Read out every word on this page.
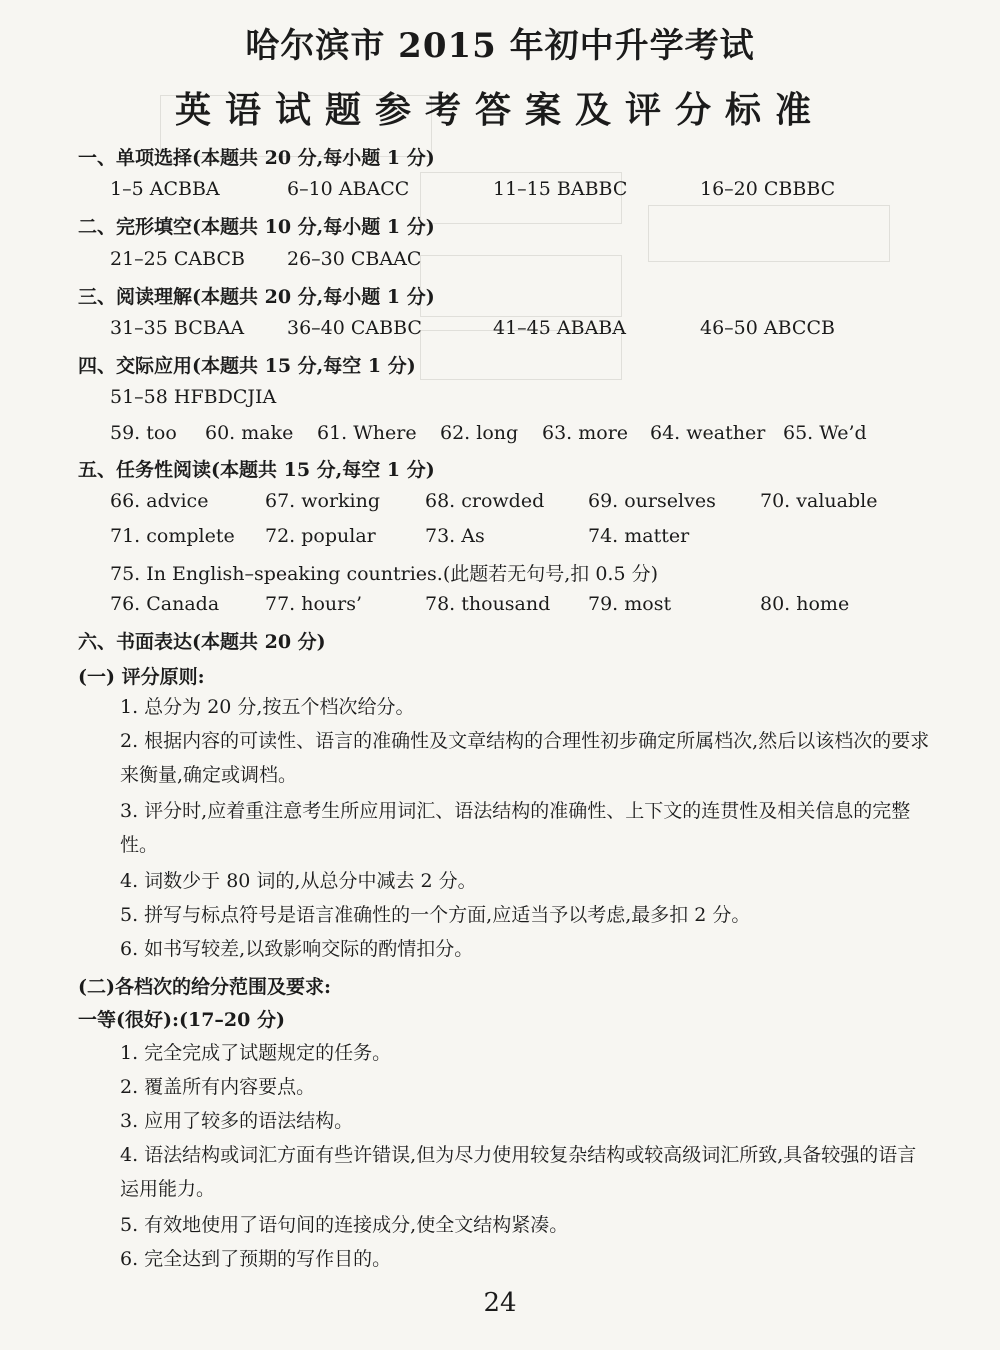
哈尔滨市 2015 年初中升学考试
英语试题参考答案及评分标准
一、单项选择(本题共 20 分,每小题 1 分)
1–5 ACBBA	6–10 ABACC	11–15 BABBC	16–20 CBBBC
二、完形填空(本题共 10 分,每小题 1 分)
21–25 CABCB 26–30 CBAAC
三、阅读理解(本题共 20 分,每小题 1 分)
31–35 BCBAA 36–40 CABBC	41–45 ABABA	46–50 ABCCB
四、交际应用(本题共 15 分,每空 1 分)
51–58 HFBDCJIA
59. too 60. make 61. Where 62. long 63. more 64. weather 65. We’d
五、任务性阅读(本题共 15 分,每空 1 分)
66. advice	67. working 68. crowded 69. ourselves 70. valuable
71. complete 72. popular	73. As	74. matter
75. In English–speaking countries.(此题若无句号,扣 0.5 分)
76. Canada 77. hours’	78. thousand 79. most	80. home
六、书面表达(本题共 20 分)
(一) 评分原则:
1. 总分为 20 分,按五个档次给分。
2. 根据内容的可读性、语言的准确性及文章结构的合理性初步确定所属档次,然后以该档次的要求来衡量,确定或调档。
3. 评分时,应着重注意考生所应用词汇、语法结构的准确性、上下文的连贯性及相关信息的完整性。
4. 词数少于 80 词的,从总分中减去 2 分。
5. 拼写与标点符号是语言准确性的一个方面,应适当予以考虑,最多扣 2 分。
6. 如书写较差,以致影响交际的酌情扣分。
(二)各档次的给分范围及要求:
一等(很好):(17–20 分)
1. 完全完成了试题规定的任务。
2. 覆盖所有内容要点。
3. 应用了较多的语法结构。
4. 语法结构或词汇方面有些许错误,但为尽力使用较复杂结构或较高级词汇所致,具备较强的语言运用能力。
5. 有效地使用了语句间的连接成分,使全文结构紧凑。
6. 完全达到了预期的写作目的。
24
